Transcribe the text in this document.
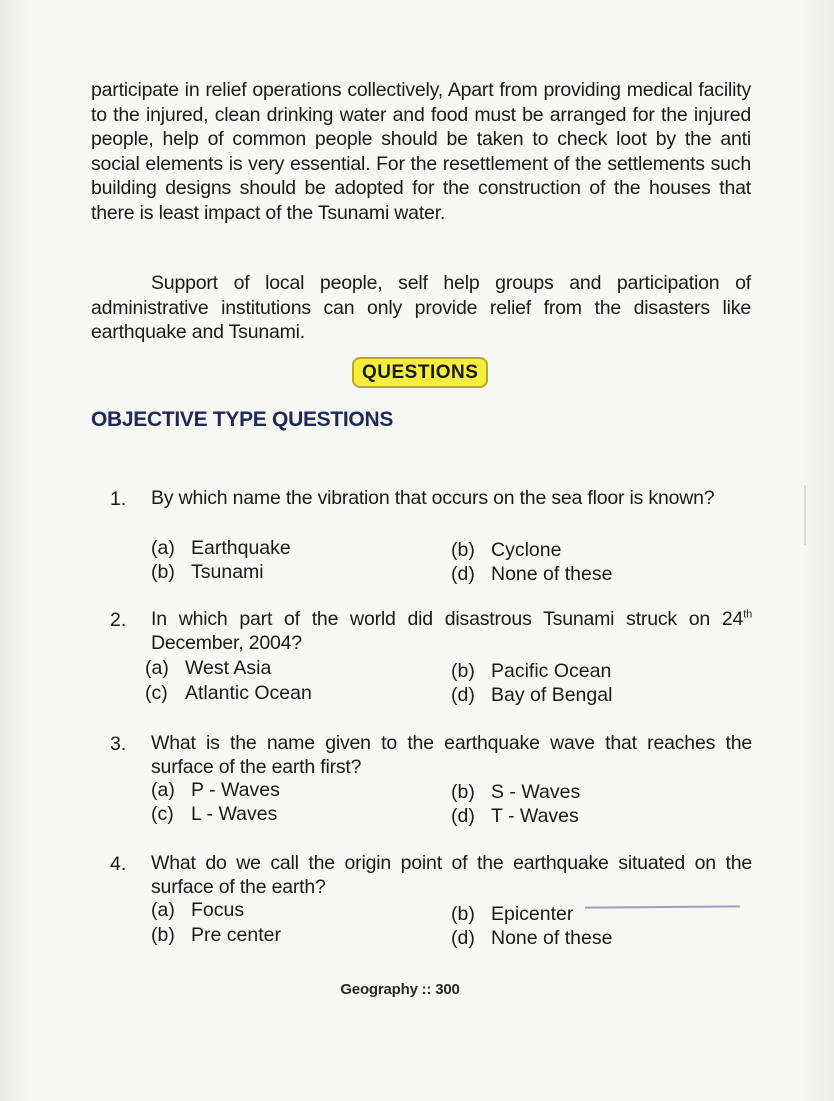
participate in relief operations collectively, Apart from providing medical facility to the injured, clean drinking water and food must be arranged for the injured people, help of common people should be taken to check loot by the anti social elements is very essential. For the resettlement of the settlements such building designs should be adopted for the construction of the houses that there is least impact of the Tsunami water.
Support of local people, self help groups and participation of administrative institutions can only provide relief from the disasters like earthquake and Tsunami.
QUESTIONS
OBJECTIVE TYPE QUESTIONS
1.	By which name the vibration that occurs on the sea floor is known?
(a) Earthquake	(b) Cyclone
(b) Tsunami	(d) None of these
2.	In which part of the world did disastrous Tsunami struck on 24th December, 2004?
(a) West Asia	(b) Pacific Ocean
(c) Atlantic Ocean	(d) Bay of Bengal
3.	What is the name given to the earthquake wave that reaches the surface of the earth first?
(a) P - Waves	(b) S - Waves
(c) L - Waves	(d) T - Waves
4.	What do we call the origin point of the earthquake situated on the surface of the earth?
(a) Focus	(b) Epicenter
(b) Pre center	(d) None of these
Geography :: 300
